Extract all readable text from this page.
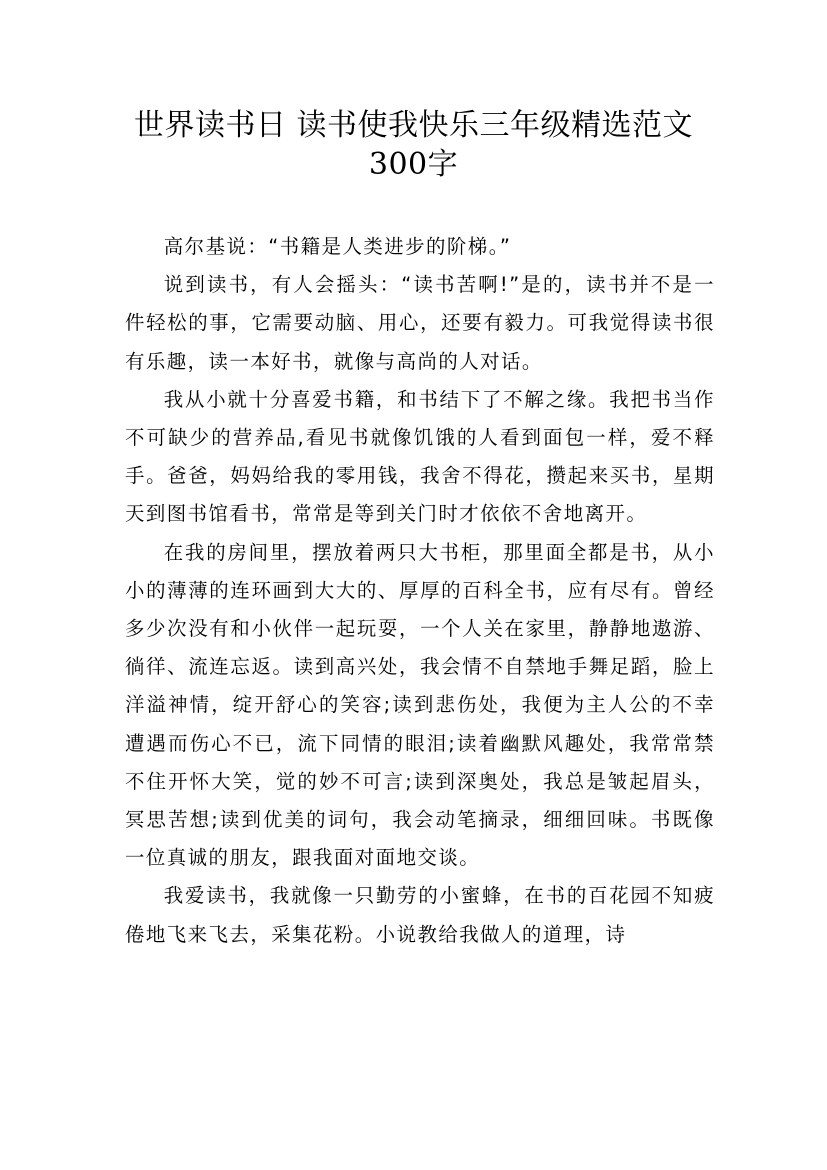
世界读书日 读书使我快乐三年级精选范文
300字

高尔基说：“书籍是人类进步的阶梯。”

说到读书，有人会摇头：“读书苦啊!”是的，读书并不是一件轻松的事，它需要动脑、用心，还要有毅力。可我觉得读书很有乐趣，读一本好书，就像与高尚的人对话。

我从小就十分喜爱书籍，和书结下了不解之缘。我把书当作不可缺少的营养品,看见书就像饥饿的人看到面包一样，爱不释手。爸爸，妈妈给我的零用钱，我舍不得花，攒起来买书，星期天到图书馆看书，常常是等到关门时才依依不舍地离开。

在我的房间里，摆放着两只大书柜，那里面全都是书，从小小的薄薄的连环画到大大的、厚厚的百科全书，应有尽有。曾经多少次没有和小伙伴一起玩耍，一个人关在家里，静静地遨游、徜徉、流连忘返。读到高兴处，我会情不自禁地手舞足蹈，脸上洋溢神情，绽开舒心的笑容;读到悲伤处，我便为主人公的不幸遭遇而伤心不已，流下同情的眼泪;读着幽默风趣处，我常常禁不住开怀大笑，觉的妙不可言;读到深奥处，我总是皱起眉头，冥思苦想;读到优美的词句，我会动笔摘录，细细回味。书既像一位真诚的朋友，跟我面对面地交谈。

我爱读书，我就像一只勤劳的小蜜蜂，在书的百花园不知疲倦地飞来飞去，采集花粉。小说教给我做人的道理，诗
